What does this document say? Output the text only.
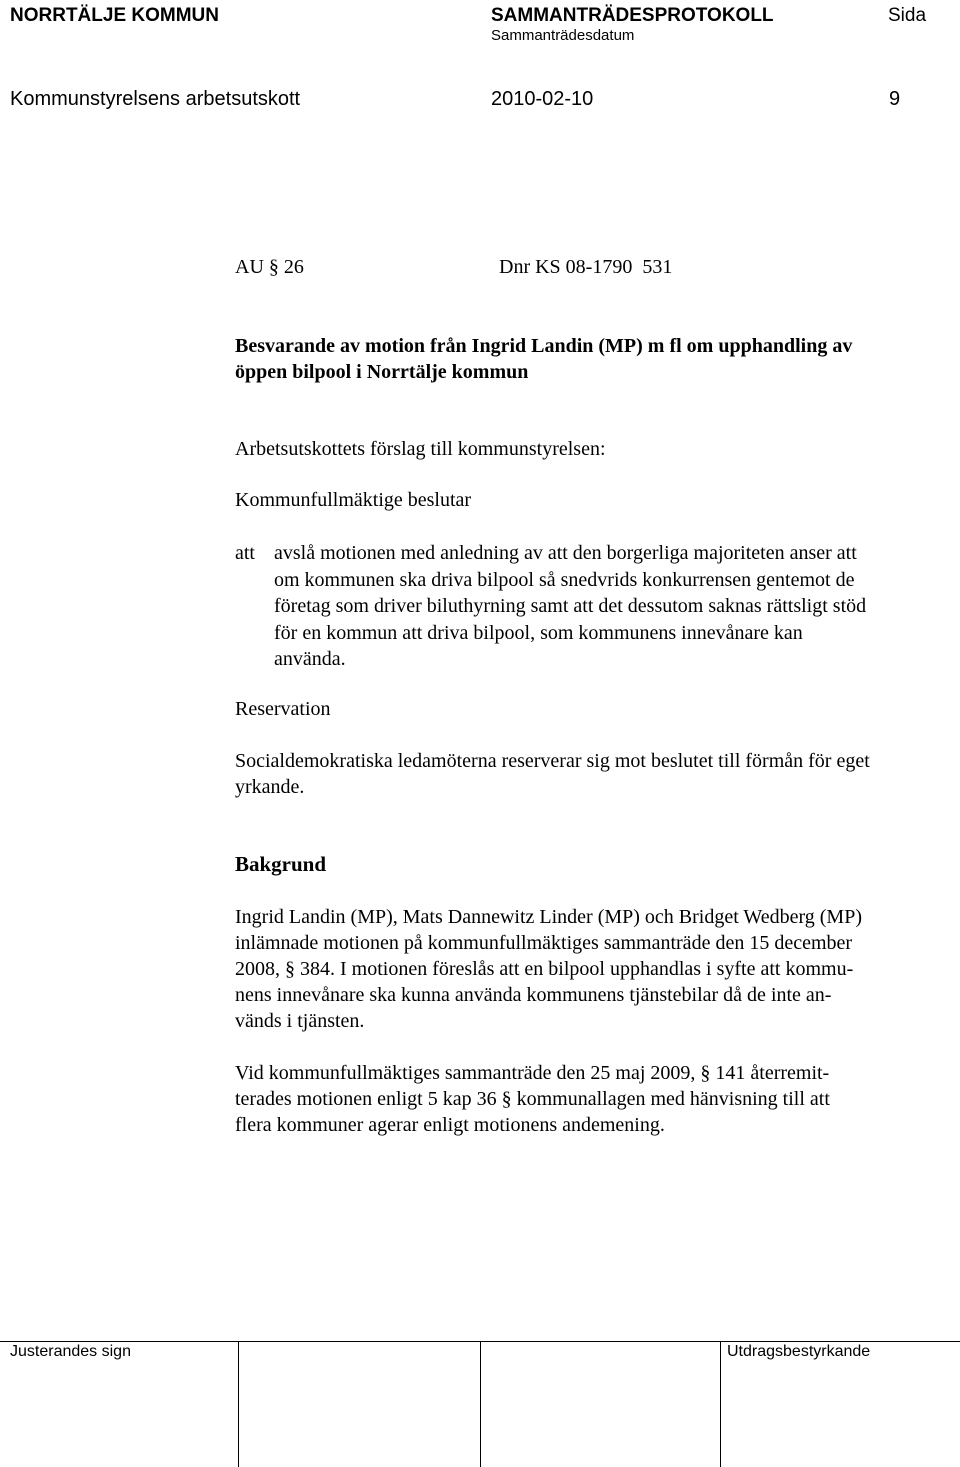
NORRTÄLJE KOMMUN	SAMMANTRÄDESPROTOKOLL	Sida
Sammanträdesdatum
Kommunstyrelsens arbetsutskott	2010-02-10	9
AU § 26	Dnr KS 08-1790  531
Besvarande av motion från Ingrid Landin (MP) m fl om upphandling av
öppen bilpool i Norrtälje kommun
Arbetsutskottets förslag till kommunstyrelsen:
Kommunfullmäktige beslutar
att avslå motionen med anledning av att den borgerliga majoriteten anser att
om kommunen ska driva bilpool så snedvrids konkurrensen gentemot de
företag som driver biluthyrning samt att det dessutom saknas rättsligt stöd
för en kommun att driva bilpool, som kommunens innevånare kan
använda.
Reservation
Socialdemokratiska ledamöterna reserverar sig mot beslutet till förmån för eget
yrkande.
Bakgrund
Ingrid Landin (MP), Mats Dannewitz Linder (MP) och Bridget Wedberg (MP)
inlämnade motionen på kommunfullmäktiges sammanträde den 15 december
2008, § 384. I motionen föreslås att en bilpool upphandlas i syfte att kommu-
nens innevånare ska kunna använda kommunens tjänstebilar då de inte an-
vänds i tjänsten.
Vid kommunfullmäktiges sammanträde den 25 maj 2009, § 141 återremit-
terades motionen enligt 5 kap 36 § kommunallagen med hänvisning till att
flera kommuner agerar enligt motionens andemening.
Justerandes sign	Utdragsbestyrkande
